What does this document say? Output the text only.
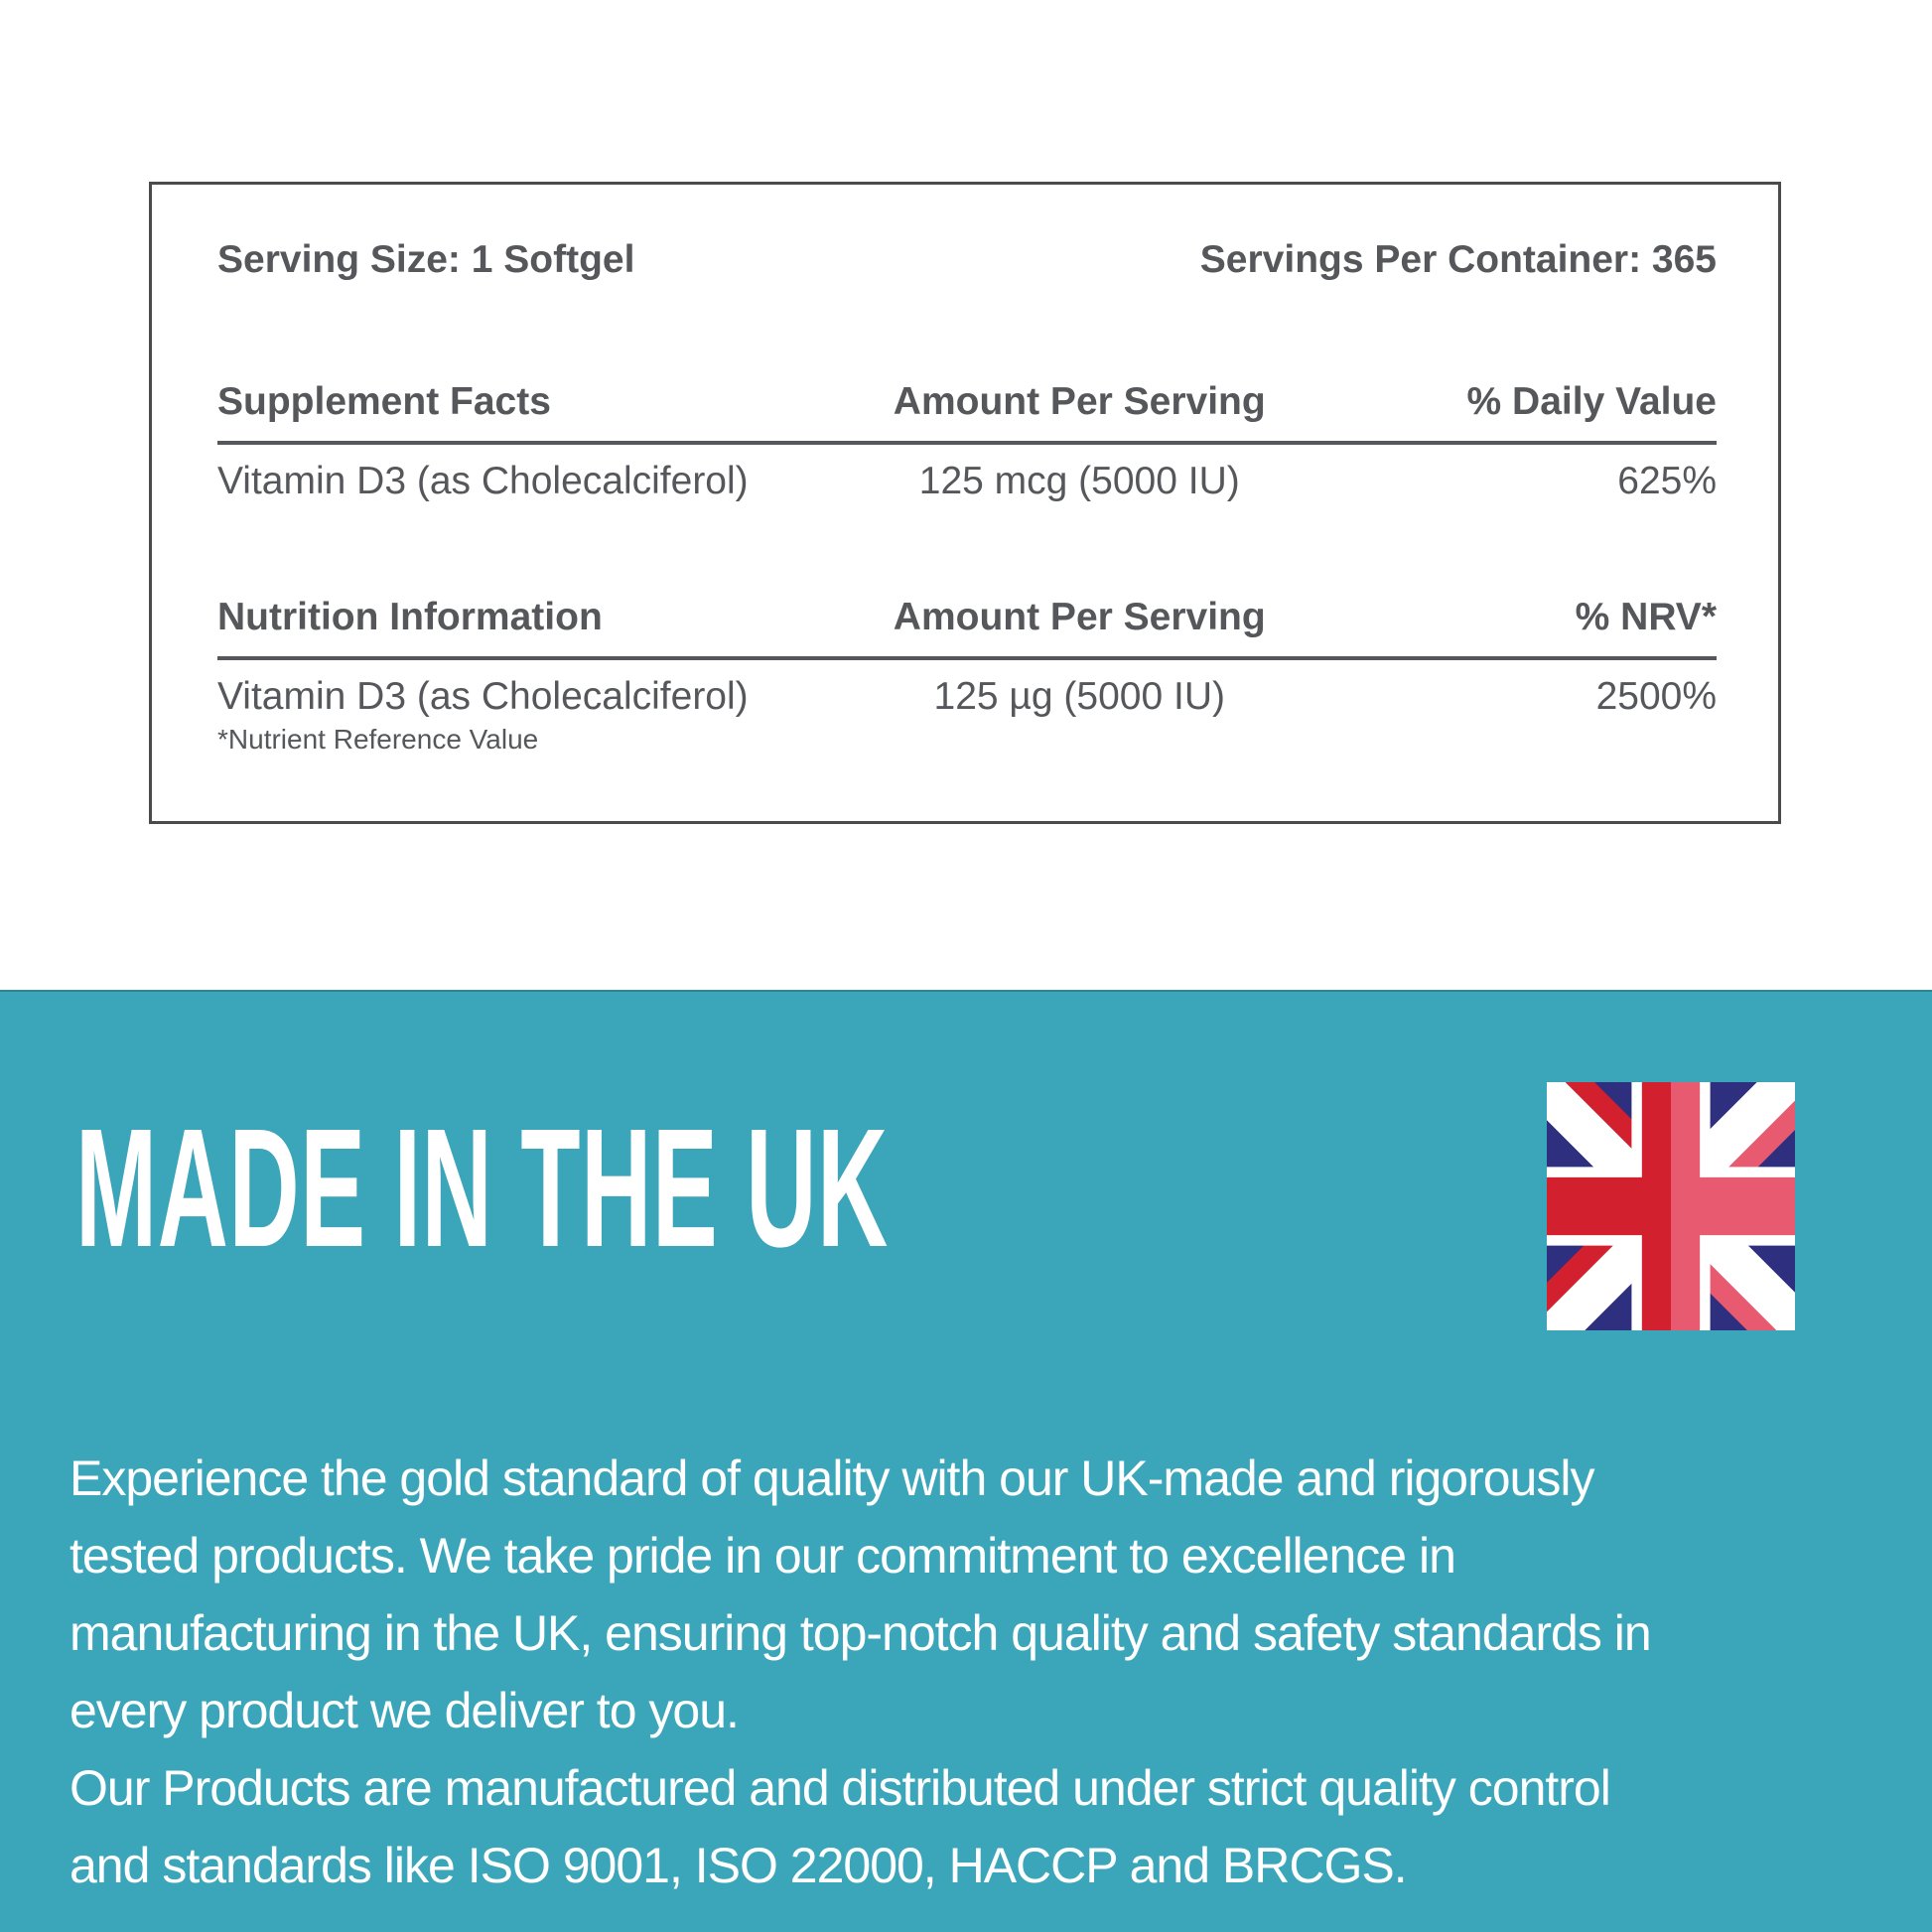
Serving Size: 1 Softgel	Servings Per Container: 365
Supplement Facts	Amount Per Serving	% Daily Value
Vitamin D3 (as Cholecalciferol)	125 mcg (5000 IU)	625%
Nutrition Information	Amount Per Serving	% NRV*
Vitamin D3 (as Cholecalciferol)	125 µg (5000 IU)	2500%
*Nutrient Reference Value
MADE IN THE UK
Experience the gold standard of quality with our UK-made and rigorously
tested products. We take pride in our commitment to excellence in
manufacturing in the UK, ensuring top-notch quality and safety standards in
every product we deliver to you.
Our Products are manufactured and distributed under strict quality control
and standards like ISO 9001, ISO 22000, HACCP and BRCGS.
